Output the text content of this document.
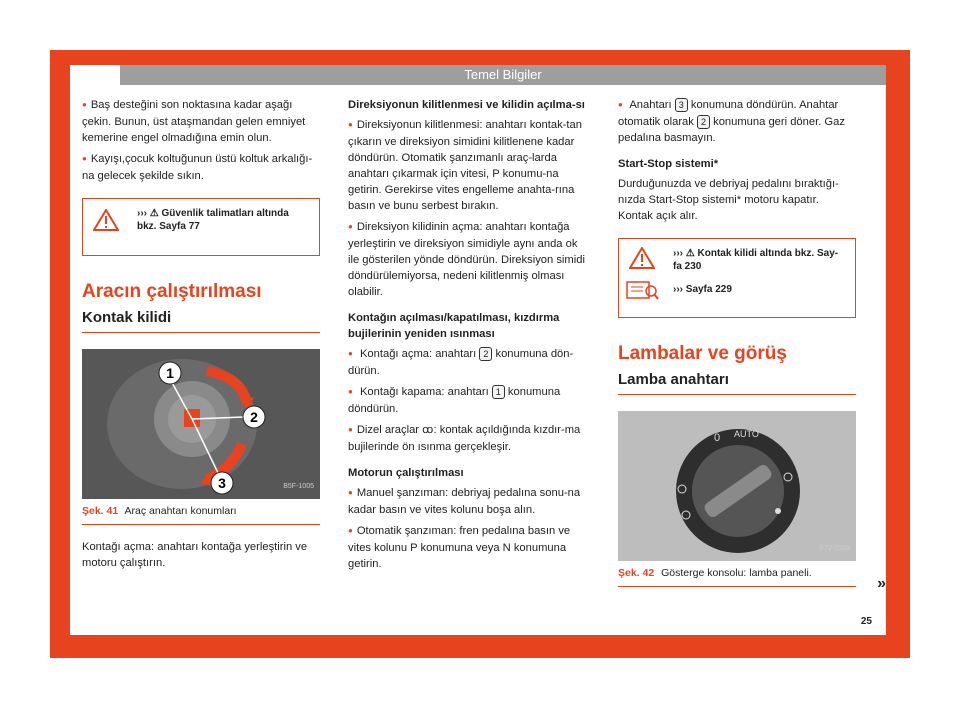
Temel Bilgiler

● Baş desteğini son noktasına kadar aşağı çekin. Bunun, üst ataşmandan gelen emniyet kemerine engel olmadığına emin olun.

● Kayışı,çocuk koltuğunun üstü koltuk arkalığı-na gelecek şekilde sıkın.

››› ⚠ Güvenlik talimatları altında
bkz. Sayfa 77
Aracın çalıştırılması
Kontak kilidi
1
2
3	B5F-1005
Şek. 41 Araç anahtarı konumları

Kontağı açma: anahtarı kontağa yerleştirin ve motoru çalıştırın.

Direksiyonun kilitlenmesi ve kilidin açılma-sı

● Direksiyonun kilitlenmesi: anahtarı kontak-tan çıkarın ve direksiyon simidini kilitlenene kadar döndürün. Otomatik şanzımanlı araç-larda anahtarı çıkarmak için vitesi, P konumu-na getirin. Gerekirse vites engelleme anahta-rına basın ve bunu serbest bırakın.

● Direksiyon kilidinin açma: anahtarı kontağa yerleştirin ve direksiyon simidiyle aynı anda ok ile gösterilen yönde döndürün. Direksiyon simidi döndürülemiyorsa, nedeni kilitlenmiş olması olabilir.

Kontağın açılması/kapatılması, kızdırma bujilerinin yeniden ısınması

● Kontağı açma: anahtarı 2 konumuna dön-dürün.

● Kontağı kapama: anahtarı 1 konumuna döndürün.

● Dizel araçlar ꝏ: kontak açıldığında kızdır-ma bujilerinde ön ısınma gerçekleşir.

Motorun çalıştırılması

● Manuel şanzıman: debriyaj pedalına sonu-na kadar basın ve vites kolunu boşa alın.

● Otomatik şanzıman: fren pedalına basın ve vites kolunu P konumuna veya N konumuna getirin.

● Anahtarı 3 konumuna döndürün. Anahtar otomatik olarak 2 konumuna geri döner. Gaz pedalına basmayın.

Start-Stop sistemi*

Durduğunuzda ve debriyaj pedalını bıraktığı-nızda Start-Stop sistemi* motoru kapatır. Kontak açık alır.

››› ⚠ Kontak kilidi altında bkz. Say-
fa 230
››› Sayfa 229
Lambalar ve görüş
Lamba anahtarı
0 AUTO
B7V-0929
Şek. 42 Gösterge konsolu: lamba paneli.
»
25
